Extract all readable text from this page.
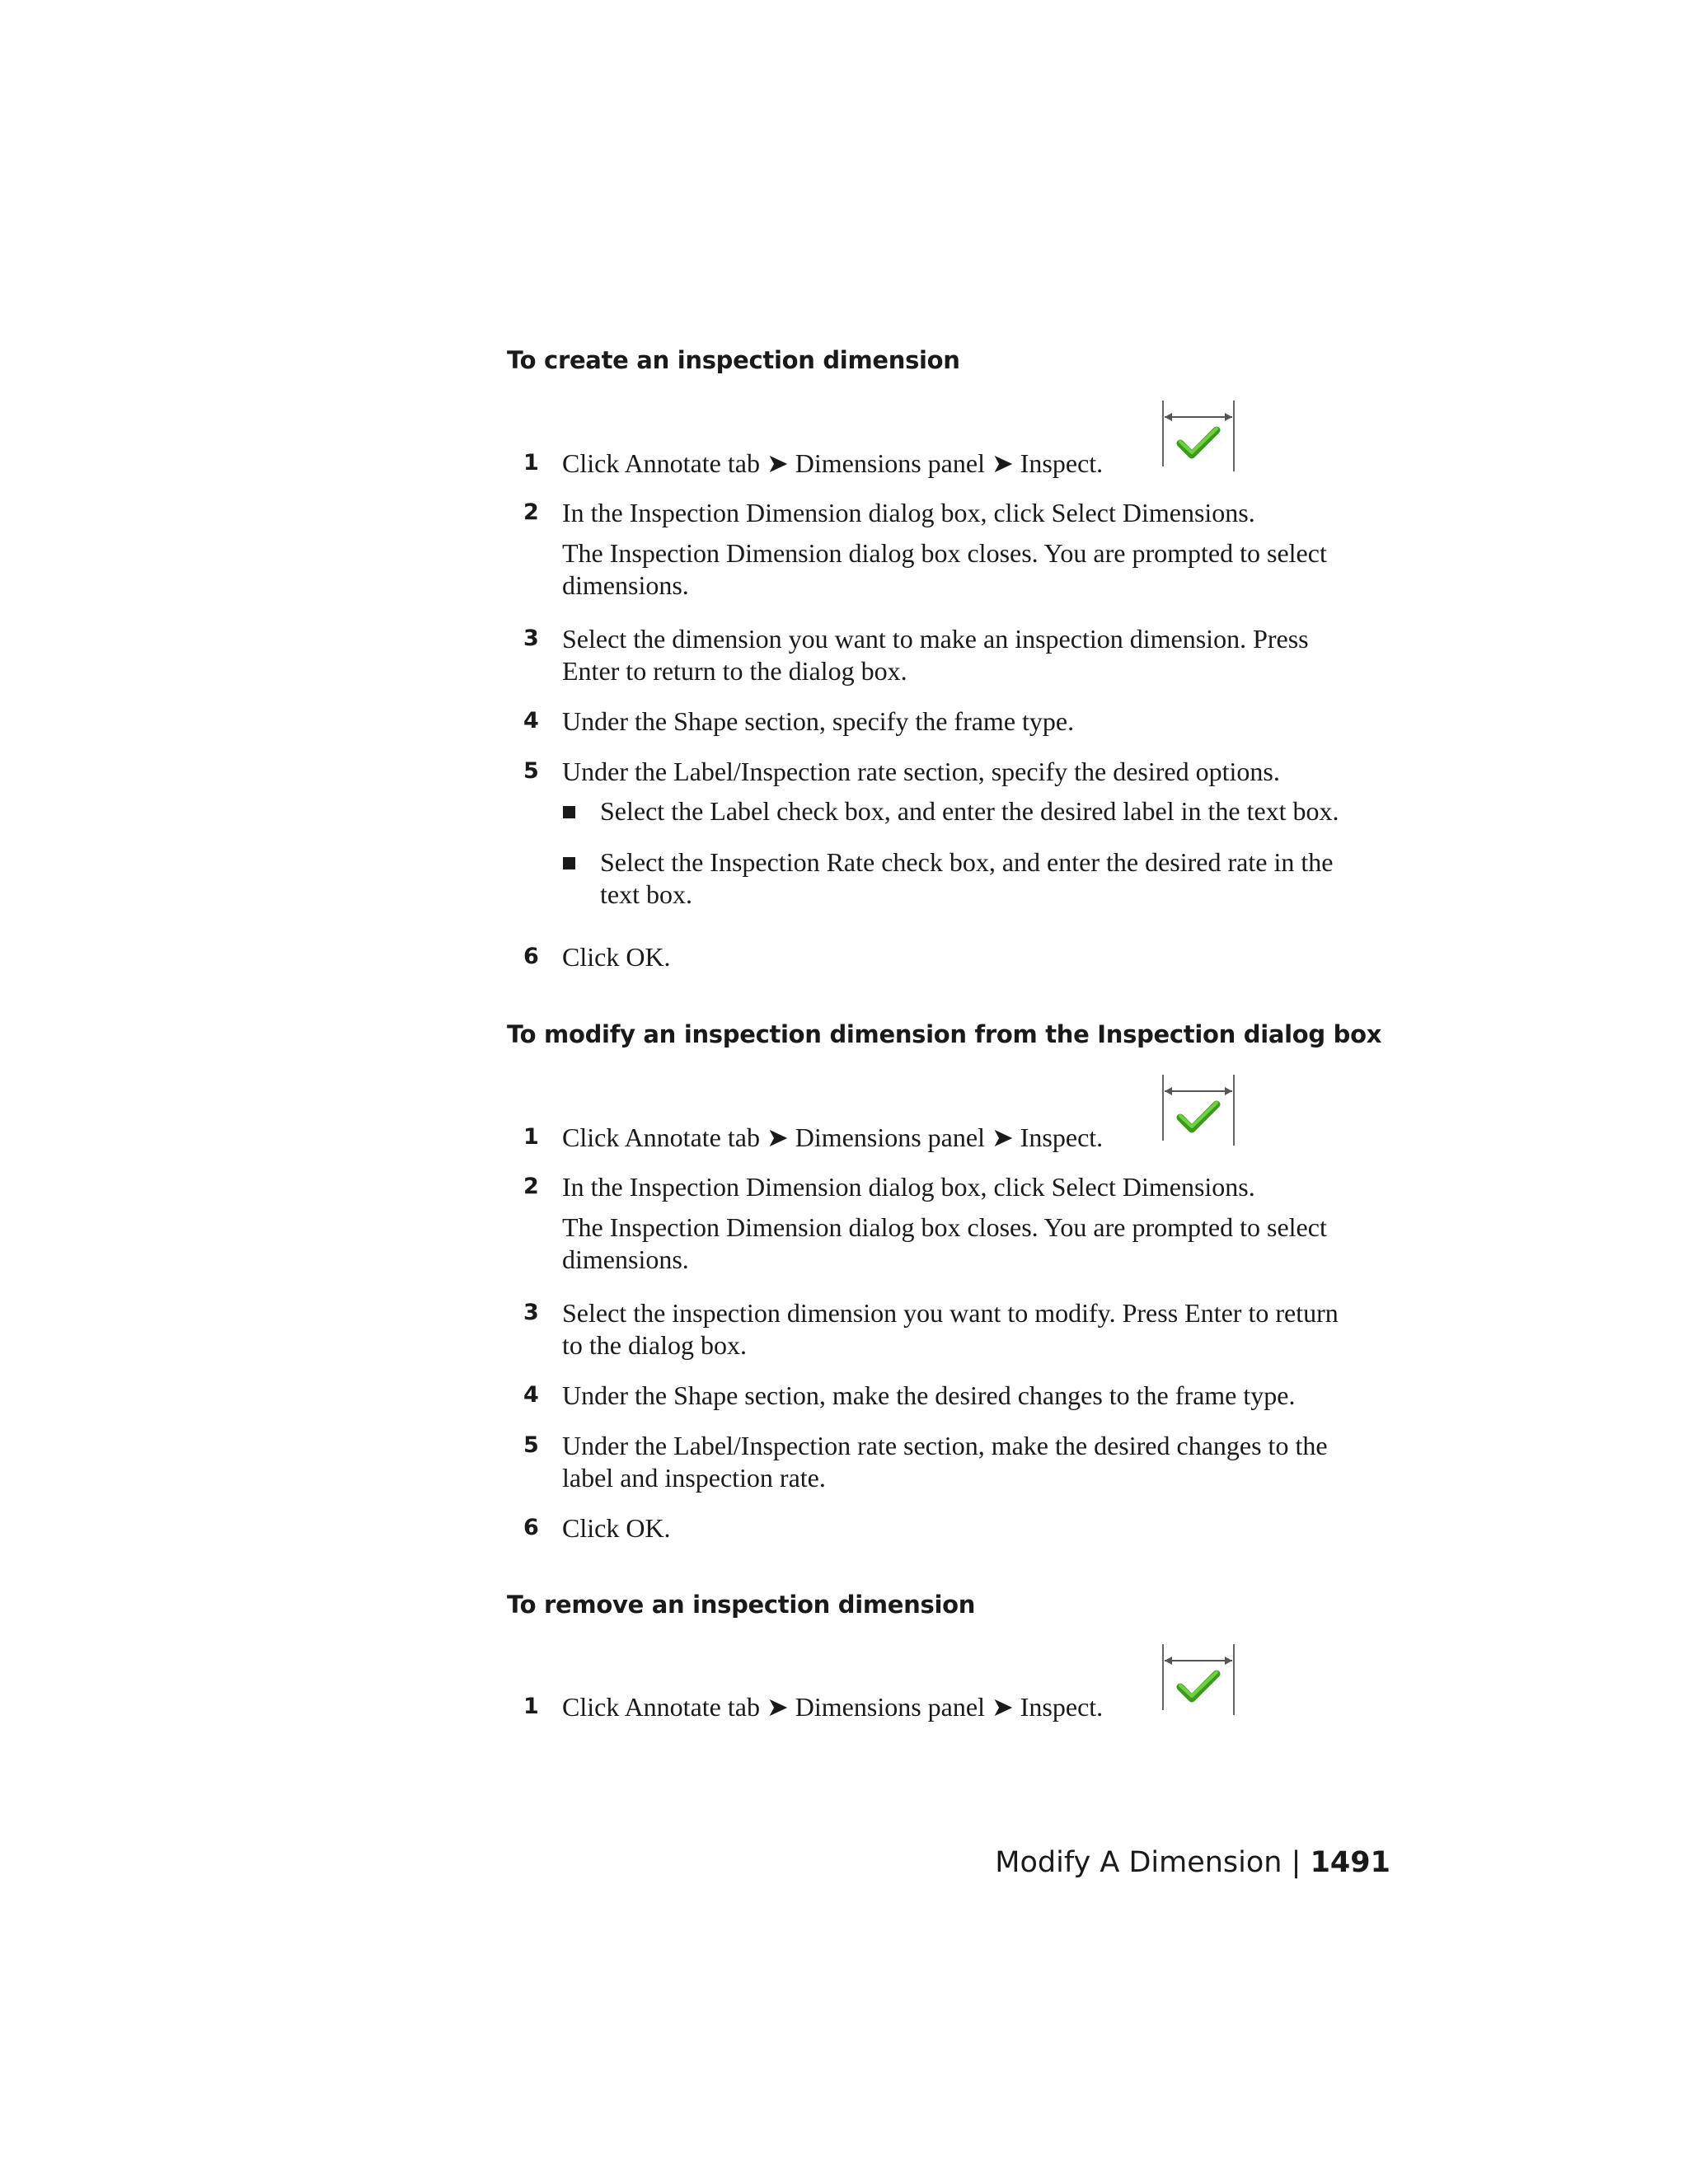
To create an inspection dimension
1 Click Annotate tab ➤ Dimensions panel ➤ Inspect.
2 In the Inspection Dimension dialog box, click Select Dimensions.
The Inspection Dimension dialog box closes. You are prompted to select
dimensions.
3 Select the dimension you want to make an inspection dimension. Press
Enter to return to the dialog box.
4 Under the Shape section, specify the frame type.
5 Under the Label/Inspection rate section, specify the desired options.
Select the Label check box, and enter the desired label in the text box.
Select the Inspection Rate check box, and enter the desired rate in the
text box.
6 Click OK.
To modify an inspection dimension from the Inspection dialog box
1 Click Annotate tab ➤ Dimensions panel ➤ Inspect.
2 In the Inspection Dimension dialog box, click Select Dimensions.
The Inspection Dimension dialog box closes. You are prompted to select
dimensions.
3 Select the inspection dimension you want to modify. Press Enter to return
to the dialog box.
4 Under the Shape section, make the desired changes to the frame type.
5 Under the Label/Inspection rate section, make the desired changes to the
label and inspection rate.
6 Click OK.
To remove an inspection dimension
1 Click Annotate tab ➤ Dimensions panel ➤ Inspect.
Modify A Dimension | 1491
